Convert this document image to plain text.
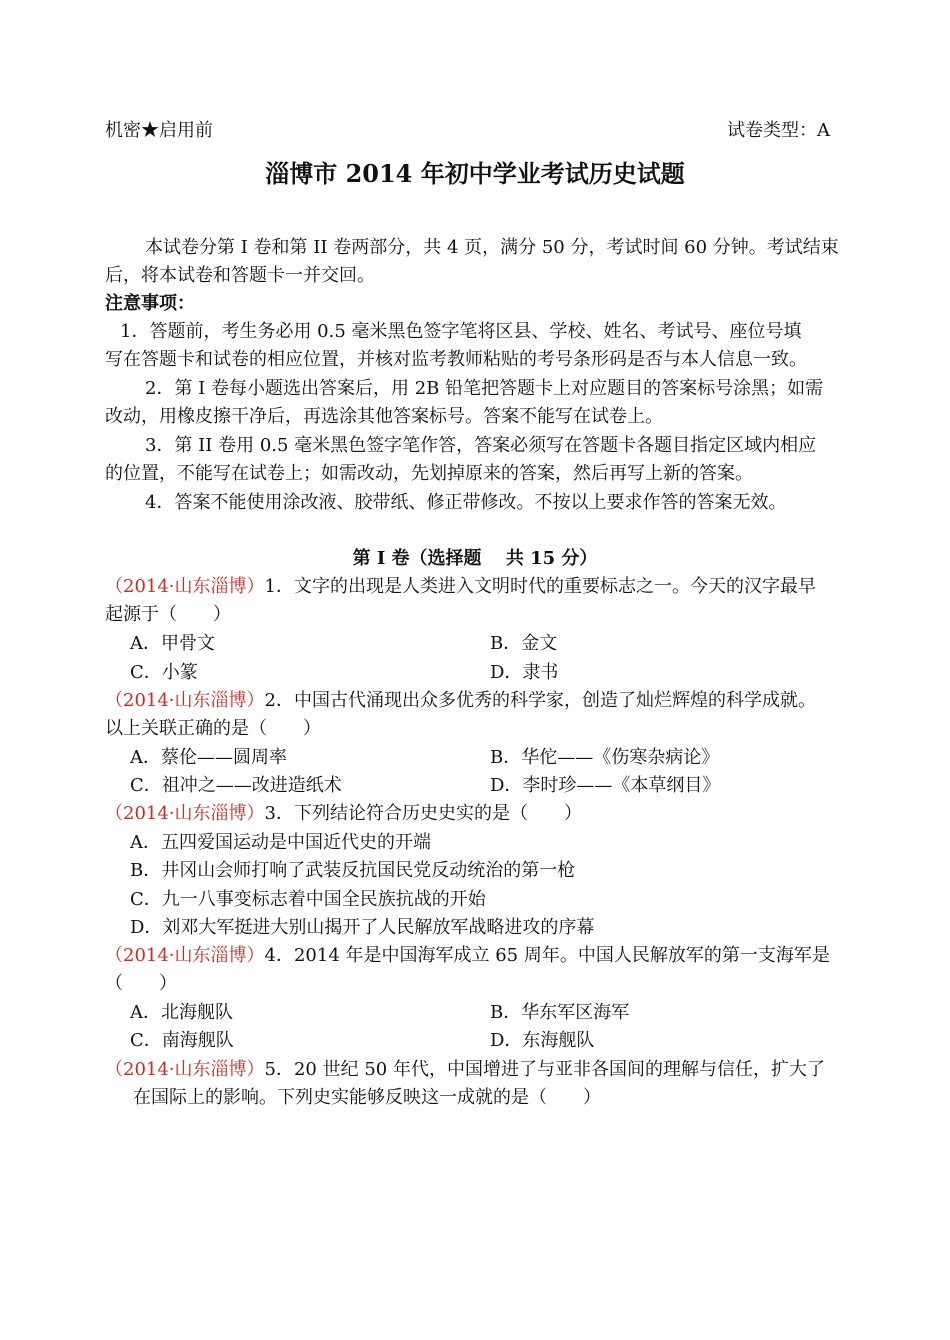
机密★启用前	试卷类型：A
淄博市 2014 年初中学业考试历史试题
本试卷分第 I 卷和第 II 卷两部分，共 4 页，满分 50 分，考试时间 60 分钟。考试结束
后，将本试卷和答题卡一并交回。
注意事项：
1．答题前，考生务必用 0.5 毫米黑色签字笔将区县、学校、姓名、考试号、座位号填
写在答题卡和试卷的相应位置，并核对监考教师粘贴的考号条形码是否与本人信息一致。
2．第 I 卷每小题选出答案后，用 2B 铅笔把答题卡上对应题目的答案标号涂黑；如需
改动，用橡皮擦干净后，再选涂其他答案标号。答案不能写在试卷上。
3．第 II 卷用 0.5 毫米黑色签字笔作答，答案必须写在答题卡各题目指定区域内相应
的位置，不能写在试卷上；如需改动，先划掉原来的答案，然后再写上新的答案。
4．答案不能使用涂改液、胶带纸、修正带修改。不按以上要求作答的答案无效。
第 I 卷（选择题　 共 15 分）
（2014·山东淄博）1．文字的出现是人类进入文明时代的重要标志之一。今天的汉字最早
起源于（　　）
A．甲骨文	B．金文
C．小篆	D．隶书
（2014·山东淄博）2．中国古代涌现出众多优秀的科学家，创造了灿烂辉煌的科学成就。
以上关联正确的是（　　）
A．蔡伦——圆周率	B．华佗——《伤寒杂病论》
C．祖冲之——改进造纸术	D．李时珍——《本草纲目》
（2014·山东淄博）3．下列结论符合历史史实的是（　　）
A．五四爱国运动是中国近代史的开端
B．井冈山会师打响了武装反抗国民党反动统治的第一枪
C．九一八事变标志着中国全民族抗战的开始
D．刘邓大军挺进大别山揭开了人民解放军战略进攻的序幕
（2014·山东淄博）4．2014 年是中国海军成立 65 周年。中国人民解放军的第一支海军是
（　　）
A．北海舰队	B．华东军区海军
C．南海舰队	D．东海舰队
（2014·山东淄博）5．20 世纪 50 年代，中国增进了与亚非各国间的理解与信任，扩大了
在国际上的影响。下列史实能够反映这一成就的是（　　）
